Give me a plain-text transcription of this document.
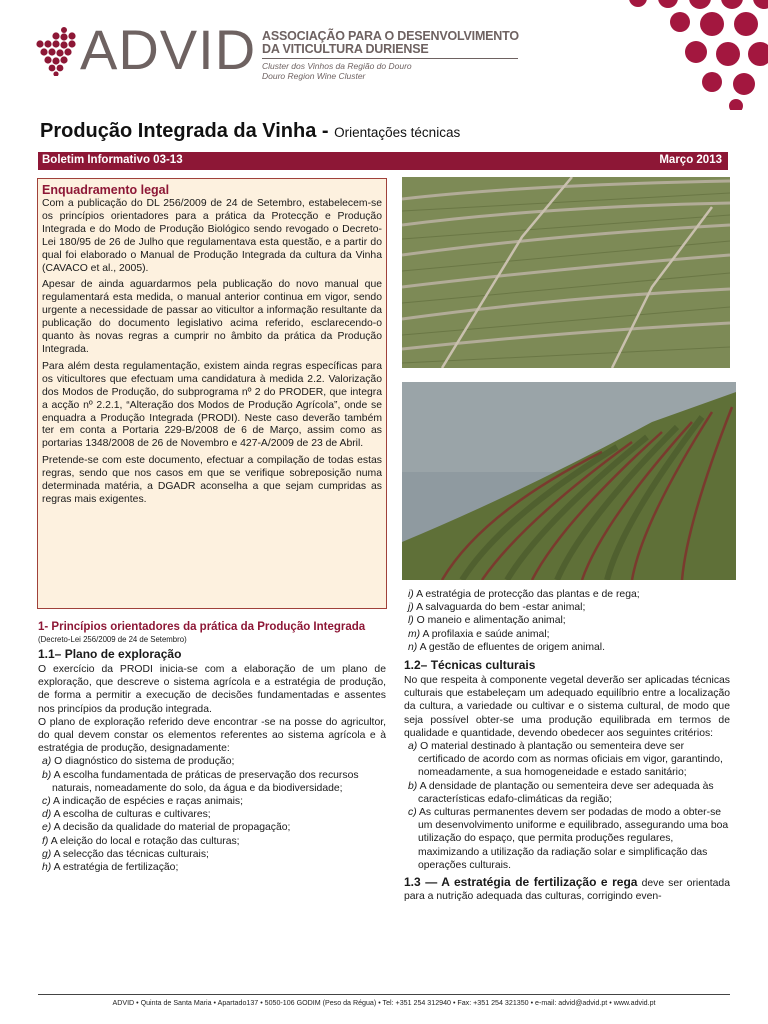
ADVID ASSOCIAÇÃO PARA O DESENVOLVIMENTO
DA VITICULTURA DURIENSE
Cluster dos Vinhos da Região do Douro
Douro Region Wine Cluster
Produção Integrada da Vinha - Orientações técnicas
Boletim Informativo 03-13	Março 2013
Enquadramento legal

Com a publicação do DL 256/2009 de 24 de Setembro, estabelecem-se os princípios orientadores para a prática da Protecção e Produção Integrada e do Modo de Produção Biológico sendo revogado o Decreto-Lei 180/95 de 26 de Julho que regulamentava esta questão, e a partir do qual foi elaborado o Manual de Produção Integrada da cultura da Vinha (CAVACO et al., 2005).

Apesar de ainda aguardarmos pela publicação do novo manual que regulamentará esta medida, o manual anterior continua em vigor, sendo urgente a necessidade de passar ao viticultor a informação resultante da publicação do documento legislativo acima referido, esclarecendo-o quanto às novas regras a cumprir no âmbito da prática da Produção Integrada.

Para além desta regulamentação, existem ainda regras específicas para os viticultores que efectuam uma candidatura à medida 2.2. Valorização dos Modos de Produção, do subprograma nº 2 do PRODER, que integra a acção nº 2.2.1, “Alteração dos Modos de Produção Agrícola”, onde se enquadra a Produção Integrada (PRODI). Neste caso deverão também ter em conta a Portaria 229-B/2008 de 6 de Março, assim como as portarias 1348/2008 de 26 de Novembro e 427-A/2009 de 23 de Abril.

Pretende-se com este documento, efectuar a compilação de todas estas regras, sendo que nos casos em que se verifique sobreposição numa determinada matéria, a DGADR aconselha a que sejam cumpridas as regras mais exigentes.

1- Princípios orientadores da prática da Produção Integrada
(Decreto-Lei 256/2009 de 24 de Setembro)
1.1– Plano de exploração

O exercício da PRODI inicia-se com a elaboração de um plano de exploração, que descreve o sistema agrícola e a estratégia de produção, de forma a permitir a execução de decisões fundamentadas e assentes nos princípios da produção integrada.

O plano de exploração referido deve encontrar -se na posse do agricultor, do qual devem constar os elementos referentes ao sistema agrícola e à estratégia de produção, designadamente:

a) O diagnóstico do sistema de produção;
b) A escolha fundamentada de práticas de preservação dos recursos naturais, nomeadamente do solo, da água e da biodiversidade;
c) A indicação de espécies e raças animais;
d) A escolha de culturas e cultivares;
e) A decisão da qualidade do material de propagação;
f) A eleição do local e rotação das culturas;
g) A selecção das técnicas culturais;
h) A estratégia de fertilização;
i) A estratégia de protecção das plantas e de rega;
j) A salvaguarda do bem -estar animal;
l) O maneio e alimentação animal;
m) A profilaxia e saúde animal;
n) A gestão de efluentes de origem animal.
1.2– Técnicas culturais

No que respeita à componente vegetal deverão ser aplicadas técnicas culturais que estabeleçam um adequado equilíbrio entre a localização da cultura, a variedade ou cultivar e o sistema cultural, de modo que seja possível obter-se uma produção equilibrada em termos de qualidade e quantidade, devendo obedecer aos seguintes critérios:

a) O material destinado à plantação ou sementeira deve ser certificado de acordo com as normas oficiais em vigor, garantindo, nomeadamente, a sua homogeneidade e estado sanitário;
b) A densidade de plantação ou sementeira deve ser adequada às características edafo-climáticas da região;
c) As culturas permanentes devem ser podadas de modo a obter-se um desenvolvimento uniforme e equilibrado, assegurando uma boa utilização do espaço, que permita produções regulares, maximizando a utilização da radiação solar e simplificação das operações culturais.

1.3 — A estratégia de fertilização e rega deve ser orientada para a nutrição adequada das culturas, corrigindo even-

ADVID • Quinta de Santa Maria • Apartado137 • 5050-106 GODIM (Peso da Régua) • Tel: +351 254 312940 • Fax: +351 254 321350 • e-mail: advid@advid.pt • www.advid.pt
